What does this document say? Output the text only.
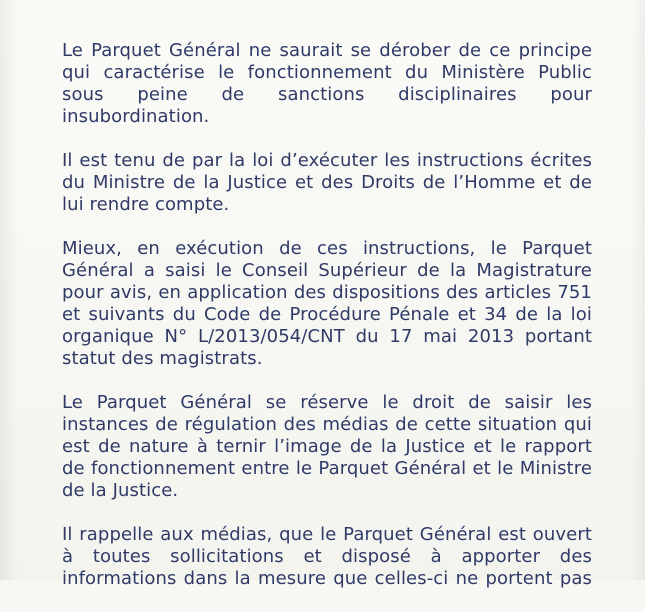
Le Parquet Général ne saurait se dérober de ce principe
qui caractérise le fonctionnement du Ministère Public
sous peine de sanctions disciplinaires pour
insubordination.
Il est tenu de par la loi d’exécuter les instructions écrites
du Ministre de la Justice et des Droits de l’Homme et de
lui rendre compte.
Mieux, en exécution de ces instructions, le Parquet
Général a saisi le Conseil Supérieur de la Magistrature
pour avis, en application des dispositions des articles 751
et suivants du Code de Procédure Pénale et 34 de la loi
organique N° L/2013/054/CNT du 17 mai 2013 portant
statut des magistrats.
Le Parquet Général se réserve le droit de saisir les
instances de régulation des médias de cette situation qui
est de nature à ternir l’image de la Justice et le rapport
de fonctionnement entre le Parquet Général et le Ministre
de la Justice.
Il rappelle aux médias, que le Parquet Général est ouvert
à toutes sollicitations et disposé à apporter des
informations dans la mesure que celles-ci ne portent pas
